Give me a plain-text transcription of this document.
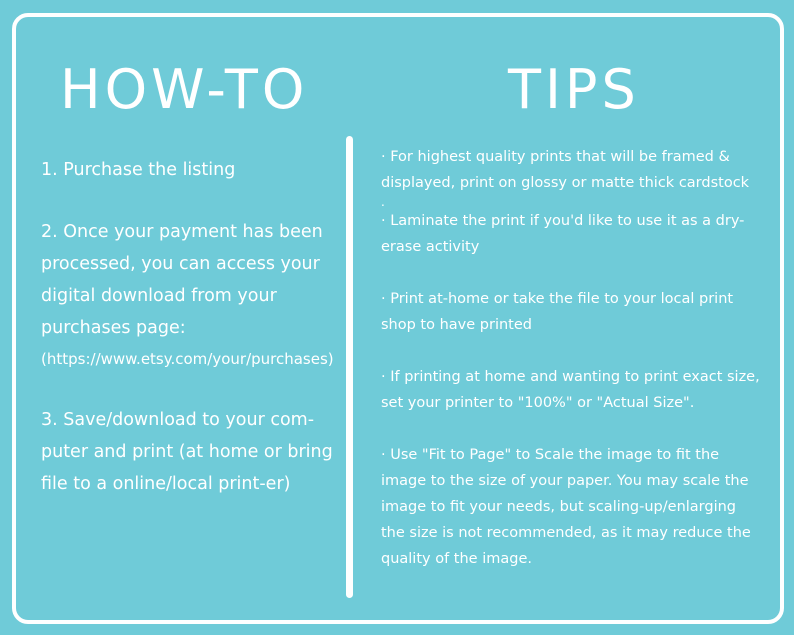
HOW-TO	TIPS

1. Purchase the listing

2. Once your payment has been processed, you can access your digital download from your purchases page:
(https://www.etsy.com/your/purchases)

3. Save/download to your com-puter and print (at home or bring file to a online/local print-er)

· For highest quality prints that will be framed & displayed, print on glossy or matte thick cardstock

.

· Laminate the print if you'd like to use it as a dry-erase activity

· Print at-home or take the file to your local print shop to have printed

· If printing at home and wanting to print exact size, set your printer to "100%" or "Actual Size".

· Use "Fit to Page" to Scale the image to fit the image to the size of your paper. You may scale the image to fit your needs, but scaling-up/enlarging the size is not recommended, as it may reduce the quality of the image.
